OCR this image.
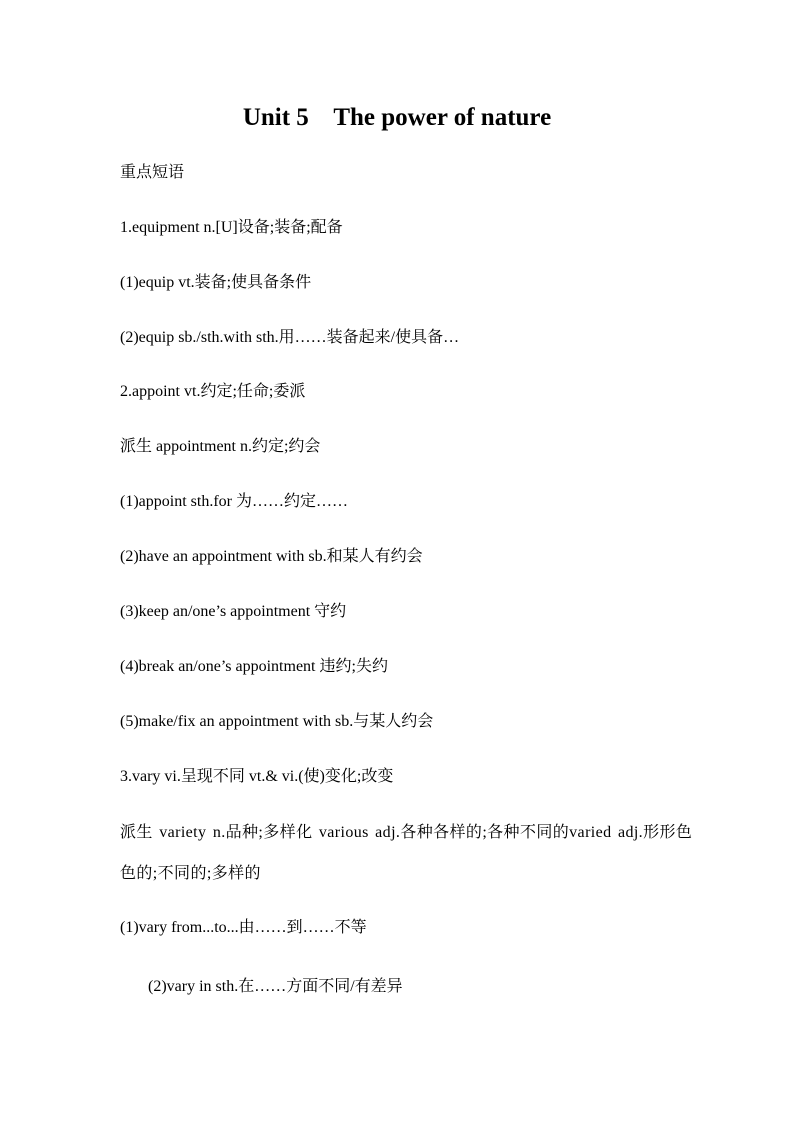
Unit 5    The power of nature
重点短语
1.equipment n.[U]设备;装备;配备
(1)equip vt.装备;使具备条件
(2)equip sb./sth.with sth.用……装备起来/使具备…
2.appoint vt.约定;任命;委派
派生 appointment n.约定;约会
(1)appoint sth.for 为……约定……
(2)have an appointment with sb.和某人有约会
(3)keep an/one’s appointment 守约
(4)break an/one’s appointment 违约;失约
(5)make/fix an appointment with sb.与某人约会
3.vary vi.呈现不同 vt.& vi.(使)变化;改变
派生 variety n.品种;多样化 various adj.各种各样的;各种不同的varied adj.形形色色的;不同的;多样的
(1)vary from...to...由……到……不等
(2)vary in sth.在……方面不同/有差异
